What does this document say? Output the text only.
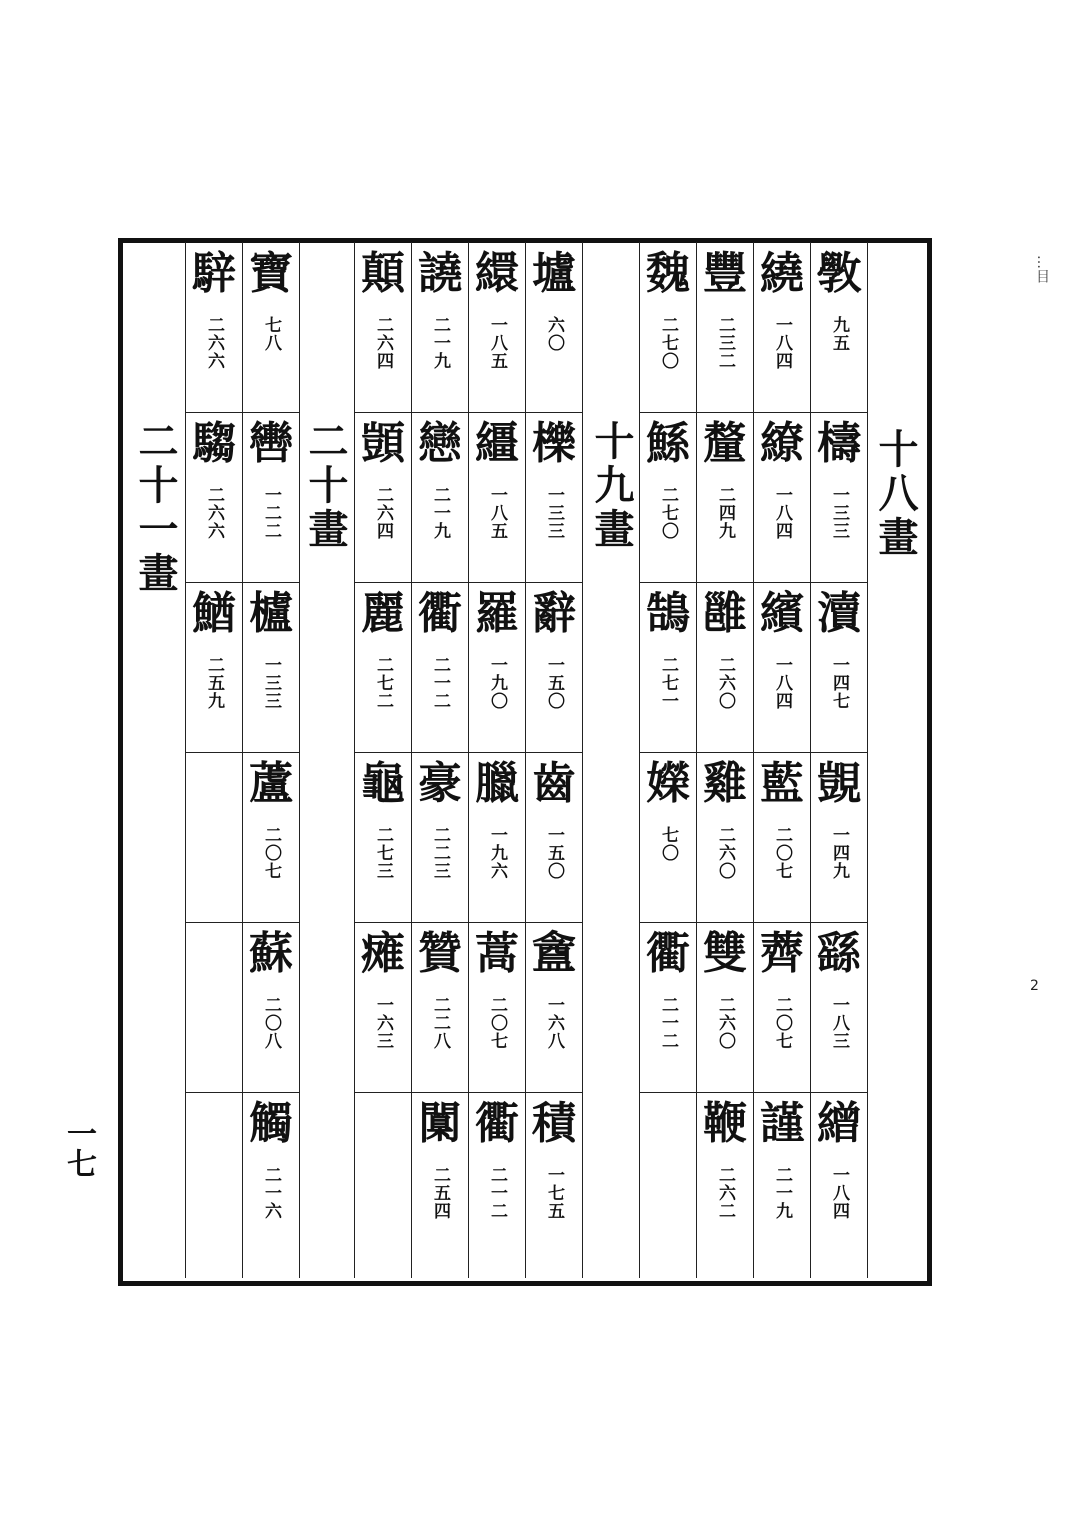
斆
九五
檮
一三三
瀆
一四七
覬
一四九
繇
一八三
繒
一八四
繞
一八四
繚
一八四
繽
一八四
藍
二〇七
薺
二〇七
謹
二一九
豐
二三二
釐
二四九
雝
二六〇
雞
二六〇
雙
二六〇
鞭
二六二
魏
二七〇
鯀
二七〇
鵠
二七一
嬫
七〇
衢
二一二
壚
六〇
櫟
一三三
辭
一五〇
齒
一五〇
盦
一六八
積
一七五
繯
一八五
繮
一八五
羅
一九〇
臘
一九六
蒿
二〇七
衢
二一二
譊
二一九
戀
二一九
衢
二一二
豪
二二三
贊
二二八
闑
二五四
顛
二六四
顗
二六四
麗
二七二
龜
二七三
瘫
一六三
寶
七八
轡
一二二
櫨
一三三
蘆
二〇七
蘇
二〇八
觸
二一六
騂
二六六
騶
二六六
鰌
二五九
十八畫
十九畫
二十畫
二十一畫
一七
…目
2
